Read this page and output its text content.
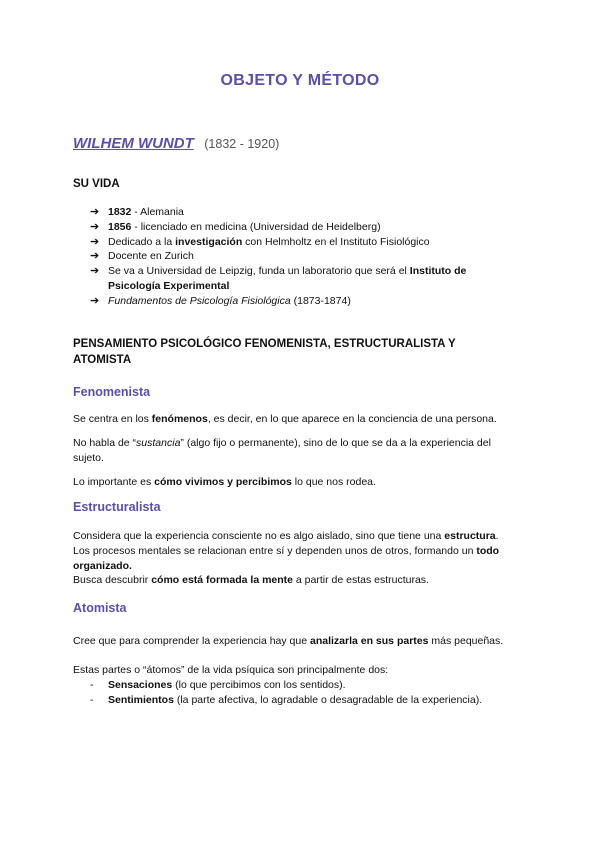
OBJETO Y MÉTODO
WILHEM WUNDT (1832 - 1920)
SU VIDA
➔ 1832 - Alemania
➔ 1856 - licenciado en medicina (Universidad de Heidelberg)
➔ Dedicado a la investigación con Helmholtz en el Instituto Fisiológico
➔ Docente en Zurich
➔ Se va a Universidad de Leipzig, funda un laboratorio que será el Instituto de Psicología Experimental
➔ Fundamentos de Psicología Fisiológica (1873-1874)
PENSAMIENTO PSICOLÓGICO FENOMENISTA, ESTRUCTURALISTA Y ATOMISTA
Fenomenista
Se centra en los fenómenos, es decir, en lo que aparece en la conciencia de una persona.
No habla de “sustancia” (algo fijo o permanente), sino de lo que se da a la experiencia del sujeto.
Lo importante es cómo vivimos y percibimos lo que nos rodea.
Estructuralista
Considera que la experiencia consciente no es algo aislado, sino que tiene una estructura.
Los procesos mentales se relacionan entre sí y dependen unos de otros, formando un todo organizado.
Busca descubrir cómo está formada la mente a partir de estas estructuras.
Atomista
Cree que para comprender la experiencia hay que analizarla en sus partes más pequeñas.
Estas partes o “átomos” de la vida psíquica son principalmente dos:
- Sensaciones (lo que percibimos con los sentidos).
- Sentimientos (la parte afectiva, lo agradable o desagradable de la experiencia).
